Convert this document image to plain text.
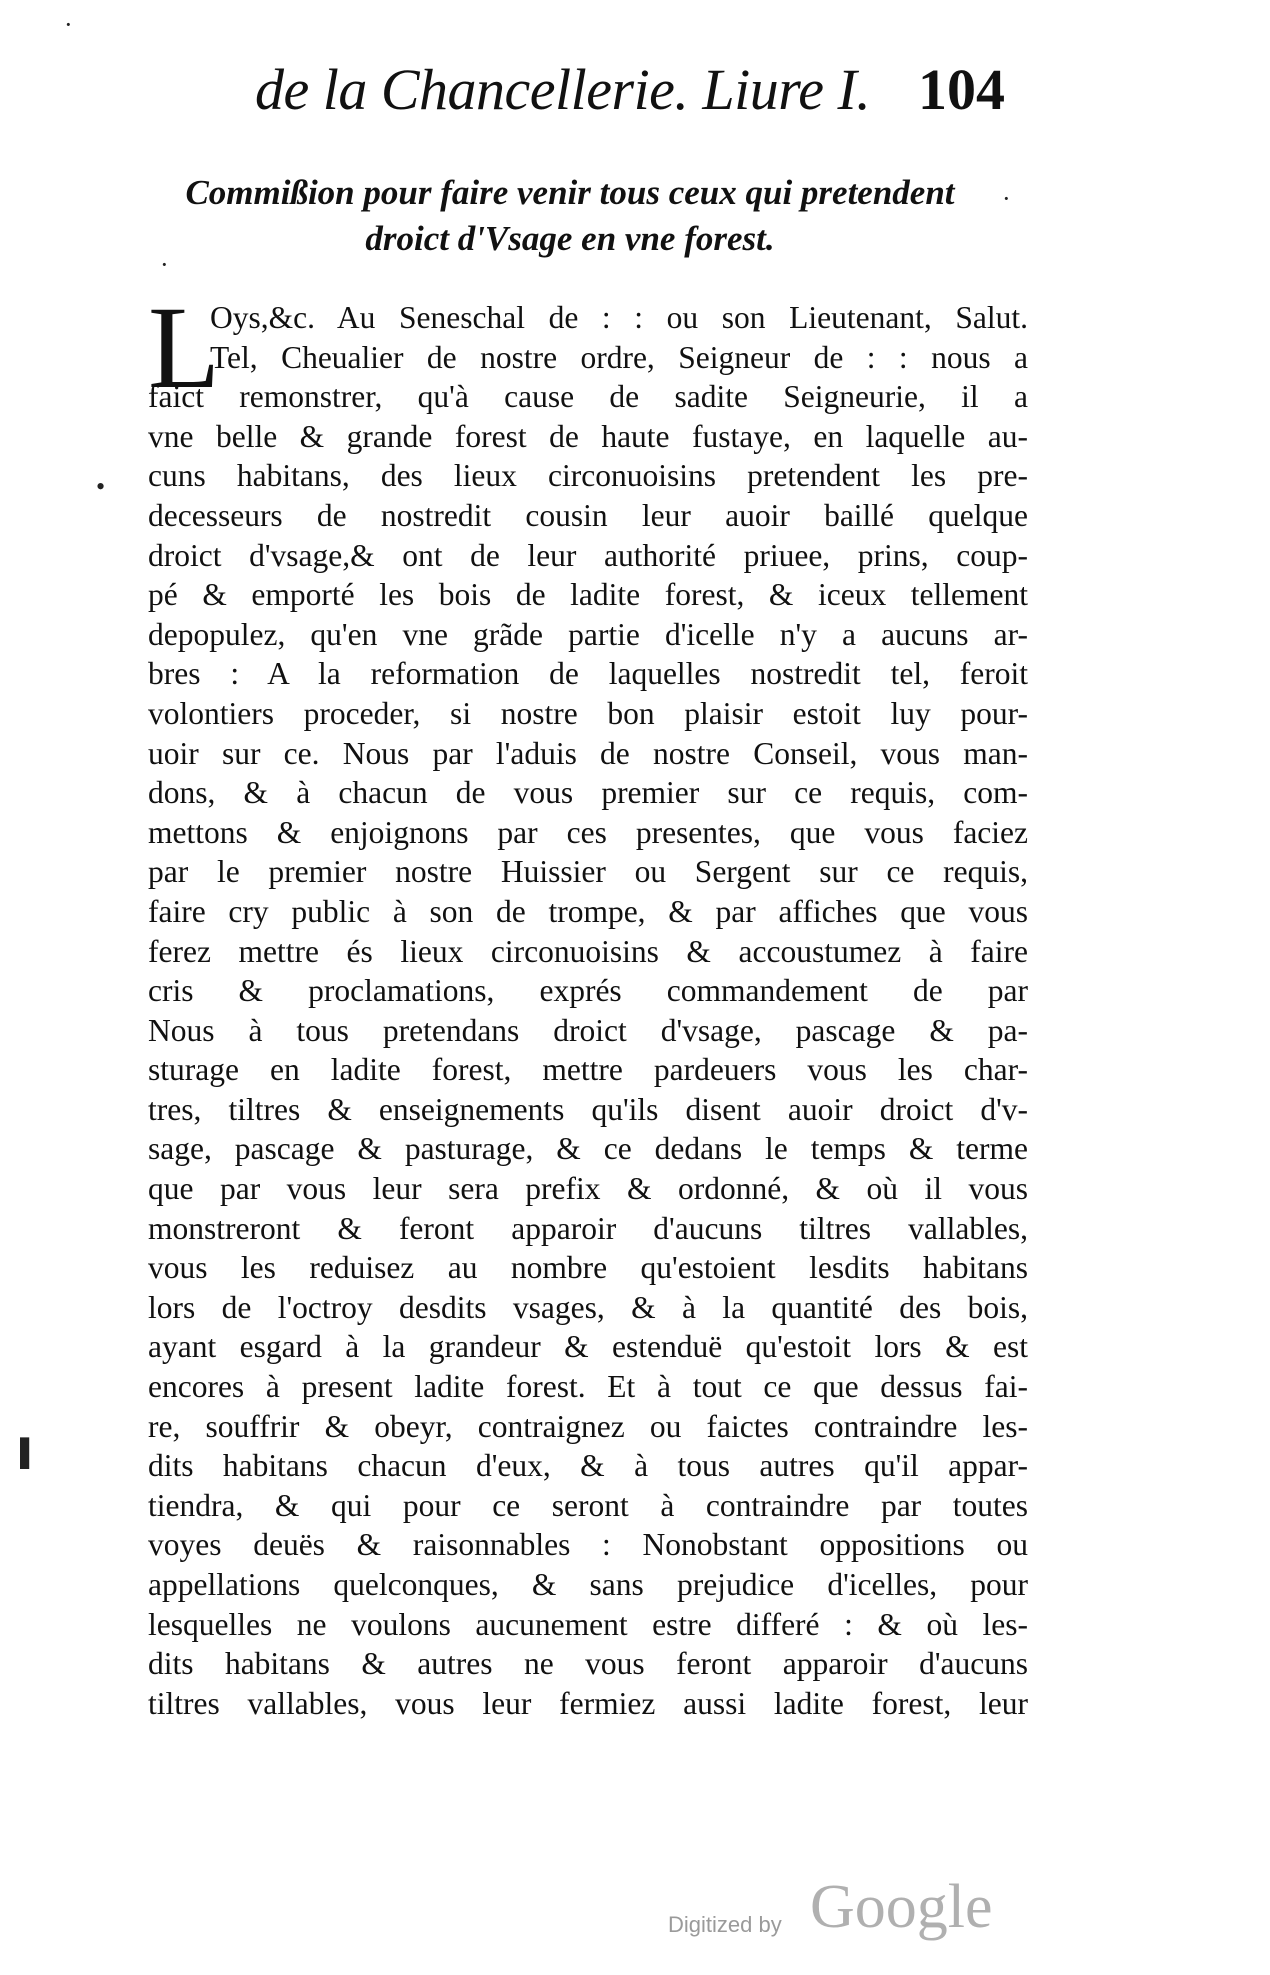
·
·
·
•
▌
de la Chancellerie. Liure I. 104
Commißion pour faire venir tous ceux qui pretendent
droict d'Vsage en vne forest.
L
Oys,&c. Au Seneschal de : : ou son Lieutenant, Salut.
Tel, Cheualier de nostre ordre, Seigneur de : : nous a
faict remonstrer, qu'à cause de sadite Seigneurie, il a
vne belle & grande forest de haute fustaye, en laquelle au-
cuns habitans, des lieux circonuoisins pretendent les pre-
decesseurs de nostredit cousin leur auoir baillé quelque
droict d'vsage,& ont de leur authorité priuee, prins, coup-
pé & emporté les bois de ladite forest, & iceux tellement
depopulez, qu'en vne grãde partie d'icelle n'y a aucuns ar-
bres : A la reformation de laquelles nostredit tel, feroit
volontiers proceder, si nostre bon plaisir estoit luy pour-
uoir sur ce. Nous par l'aduis de nostre Conseil, vous man-
dons, & à chacun de vous premier sur ce requis, com-
mettons & enjoignons par ces presentes, que vous faciez
par le premier nostre Huissier ou Sergent sur ce requis,
faire cry public à son de trompe, & par affiches que vous
ferez mettre és lieux circonuoisins & accoustumez à faire
cris & proclamations, exprés commandement de par
Nous à tous pretendans droict d'vsage, pascage & pa-
sturage en ladite forest, mettre pardeuers vous les char-
tres, tiltres & enseignements qu'ils disent auoir droict d'v-
sage, pascage & pasturage, & ce dedans le temps & terme
que par vous leur sera prefix & ordonné, & où il vous
monstreront & feront apparoir d'aucuns tiltres vallables,
vous les reduisez au nombre qu'estoient lesdits habitans
lors de l'octroy desdits vsages, & à la quantité des bois,
ayant esgard à la grandeur & estenduë qu'estoit lors & est
encores à present ladite forest. Et à tout ce que dessus fai-
re, souffrir & obeyr, contraignez ou faictes contraindre les-
dits habitans chacun d'eux, & à tous autres qu'il appar-
tiendra, & qui pour ce seront à contraindre par toutes
voyes deuës & raisonnables : Nonobstant oppositions ou
appellations quelconques, & sans prejudice d'icelles, pour
lesquelles ne voulons aucunement estre differé : & où les-
dits habitans & autres ne vous feront apparoir d'aucuns
tiltres vallables, vous leur fermiez aussi ladite forest, leur
Digitized by Google
